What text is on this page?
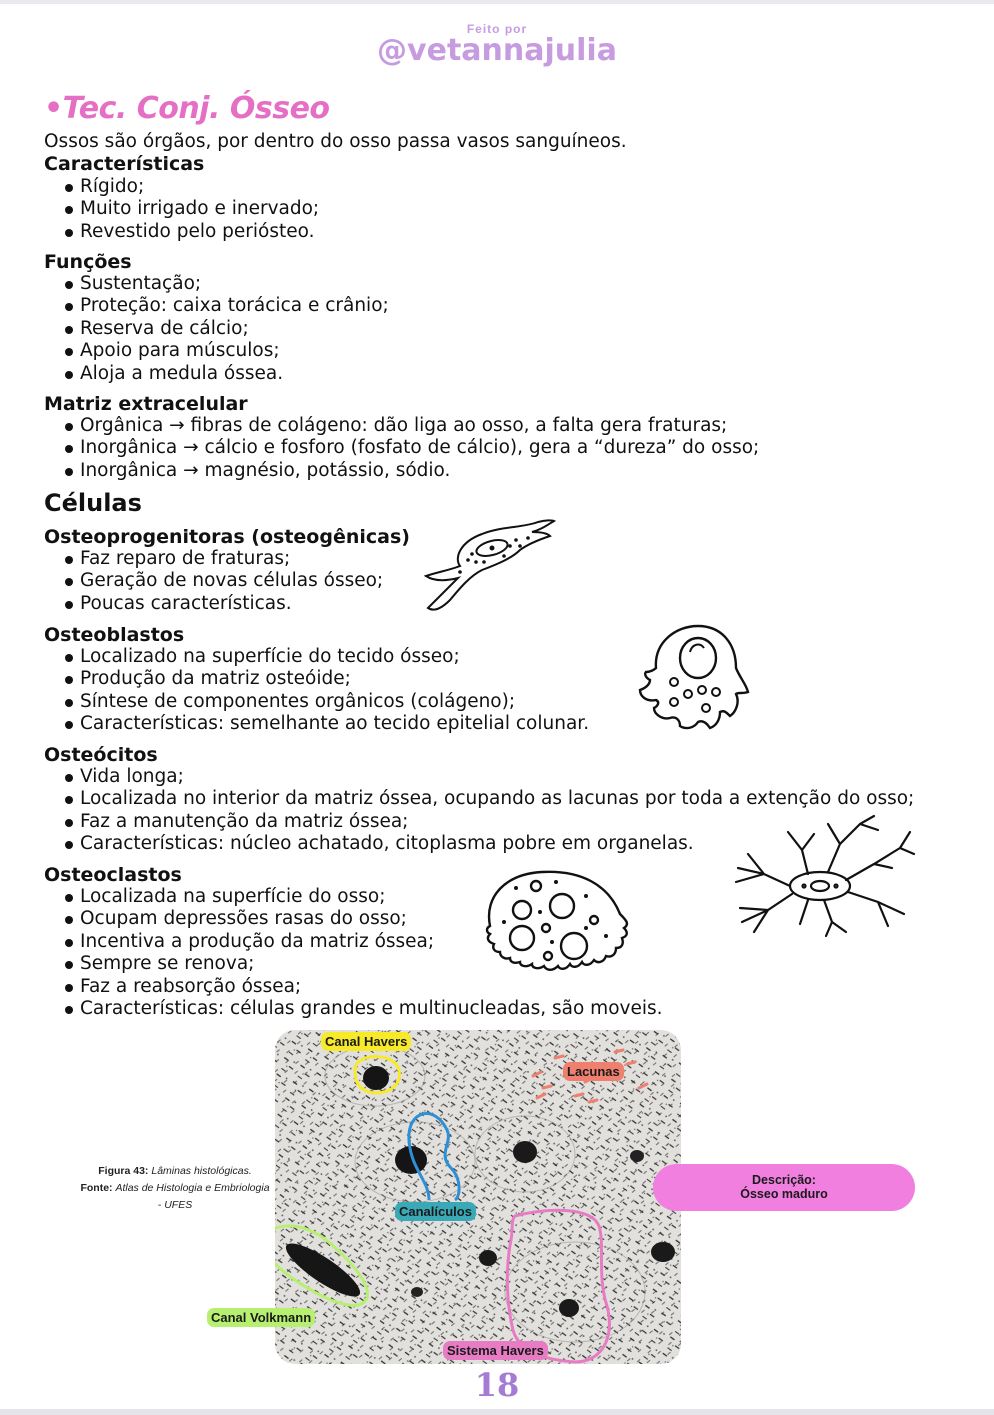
Feito por
@vetannajulia
•Tec. Conj. Ósseo
Ossos são órgãos, por dentro do osso passa vasos sanguíneos.
Características
Rígido;
Muito irrigado e inervado;
Revestido pelo periósteo.
Funções
Sustentação;
Proteção: caixa torácica e crânio;
Reserva de cálcio;
Apoio para músculos;
Aloja a medula óssea.
Matriz extracelular
Orgânica → fibras de colágeno: dão liga ao osso, a falta gera fraturas;
Inorgânica → cálcio e fosforo (fosfato de cálcio), gera a “dureza” do osso;
Inorgânica → magnésio, potássio, sódio.
Células
Osteoprogenitoras (osteogênicas)
Faz reparo de fraturas;
Geração de novas células ósseo;
Poucas características.
Osteoblastos
Localizado na superfície do tecido ósseo;
Produção da matriz osteóide;
Síntese de componentes orgânicos (colágeno);
Características: semelhante ao tecido epitelial colunar.
Osteócitos
Vida longa;
Localizada no interior da matriz óssea, ocupando as lacunas por toda a extenção do osso;
Faz a manutenção da matriz óssea;
Características: núcleo achatado, citoplasma pobre em organelas.
Osteoclastos
Localizada na superfície do osso;
Ocupam depressões rasas do osso;
Incentiva a produção da matriz óssea;
Sempre se renova;
Faz a reabsorção óssea;
Características: células grandes e multinucleadas, são moveis.
Canal Havers
Lacunas
Canalículos
Canal Volkmann
Sistema Havers
Figura 43: Lâminas histológicas.
Fonte: Atlas de Histologia e Embriologia - UFES
Descrição:
Ósseo maduro
18
